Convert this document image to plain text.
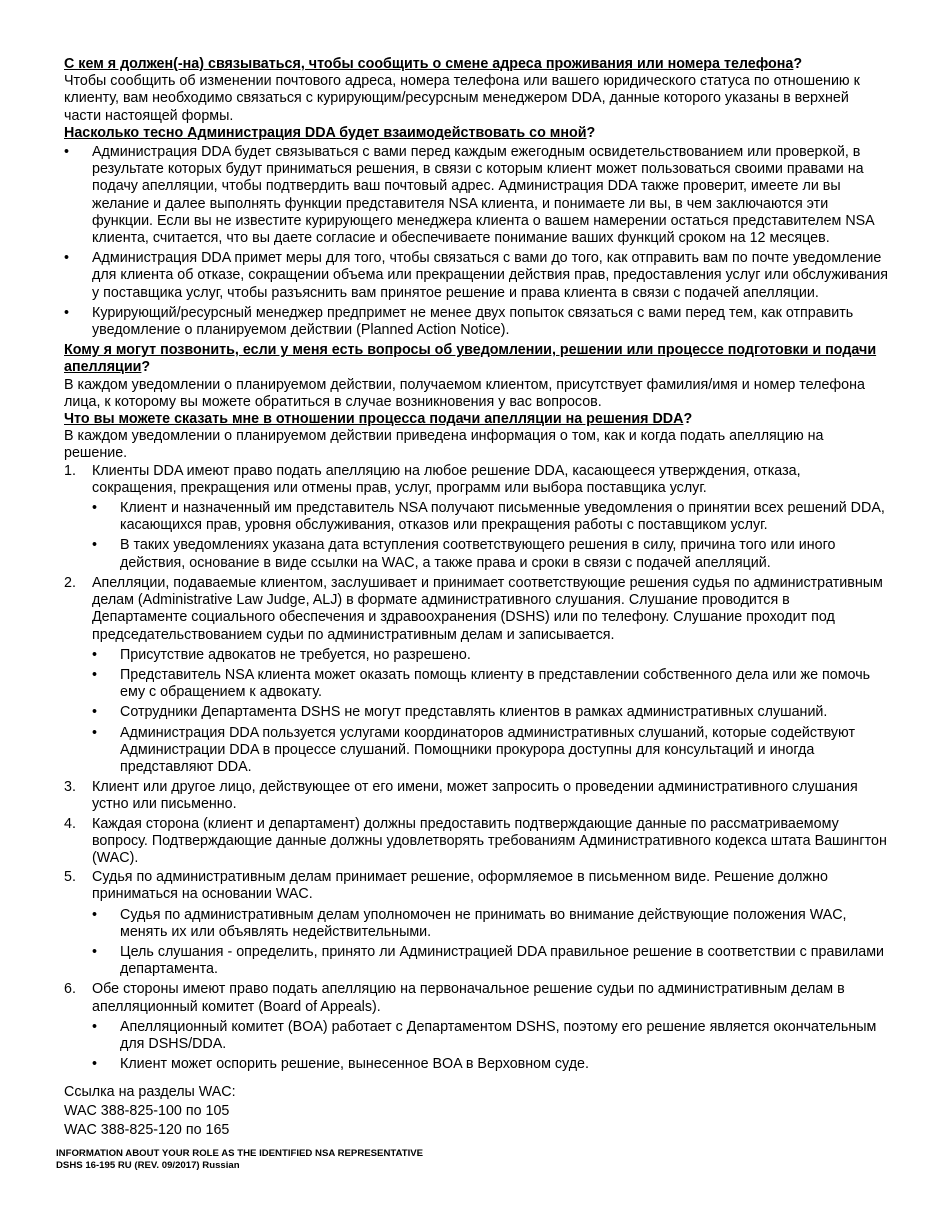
С кем я должен(-на) связываться, чтобы сообщить о смене адреса проживания или номера телефона?

Чтобы сообщить об изменении почтового адреса, номера телефона или вашего юридического статуса по отношению к клиенту, вам необходимо связаться с курирующим/ресурсным менеджером DDA, данные которого указаны в верхней части настоящей формы.

Насколько тесно Администрация DDA будет взаимодействовать со мной?

• Администрация DDA будет связываться с вами перед каждым ежегодным освидетельствованием или проверкой, в результате которых будут приниматься решения, в связи с которым клиент может пользоваться своими правами на подачу апелляции, чтобы подтвердить ваш почтовый адрес. Администрация DDA также проверит, имеете ли вы желание и далее выполнять функции представителя NSA клиента, и понимаете ли вы, в чем заключаются эти функции. Если вы не известите курирующего менеджера клиента о вашем намерении остаться представителем NSA клиента, считается, что вы даете согласие и обеспечиваете понимание ваших функций сроком на 12 месяцев.
• Администрация DDA примет меры для того, чтобы связаться с вами до того, как отправить вам по почте уведомление для клиента об отказе, сокращении объема или прекращении действия прав, предоставления услуг или обслуживания у поставщика услуг, чтобы разъяснить вам принятое решение и права клиента в связи с подачей апелляции.
• Курирующий/ресурсный менеджер предпримет не менее двух попыток связаться с вами перед тем, как отправить уведомление о планируемом действии (Planned Action Notice).

Кому я могут позвонить, если у меня есть вопросы об уведомлении, решении или процессе подготовки и подачи апелляции?

В каждом уведомлении о планируемом действии, получаемом клиентом, присутствует фамилия/имя и номер телефона лица, к которому вы можете обратиться в случае возникновения у вас вопросов.

Что вы можете сказать мне в отношении процесса подачи апелляции на решения DDA?

В каждом уведомлении о планируемом действии приведена информация о том, как и когда подать апелляцию на решение.

1. Клиенты DDA имеют право подать апелляцию на любое решение DDA, касающееся утверждения, отказа, сокращения, прекращения или отмены прав, услуг, программ или выбора поставщика услуг.
• Клиент и назначенный им представитель NSA получают письменные уведомления о принятии всех решений DDA, касающихся прав, уровня обслуживания, отказов или прекращения работы с поставщиком услуг.
• В таких уведомлениях указана дата вступления соответствующего решения в силу, причина того или иного действия, основание в виде ссылки на WAC, а также права и сроки в связи с подачей апелляций.
2. Апелляции, подаваемые клиентом, заслушивает и принимает соответствующие решения судья по административным делам (Administrative Law Judge, ALJ) в формате административного слушания. Слушание проводится в Департаменте социального обеспечения и здравоохранения (DSHS) или по телефону. Слушание проходит под председательствованием судьи по административным делам и записывается.
• Присутствие адвокатов не требуется, но разрешено.
• Представитель NSA клиента может оказать помощь клиенту в представлении собственного дела или же помочь ему с обращением к адвокату.
• Сотрудники Департамента DSHS не могут представлять клиентов в рамках административных слушаний.
• Администрация DDA пользуется услугами координаторов административных слушаний, которые содействуют Администрации DDA в процессе слушаний. Помощники прокурора доступны для консультаций и иногда представляют DDA.
3. Клиент или другое лицо, действующее от его имени, может запросить о проведении административного слушания устно или письменно.
4. Каждая сторона (клиент и департамент) должны предоставить подтверждающие данные по рассматриваемому вопросу. Подтверждающие данные должны удовлетворять требованиям Административного кодекса штата Вашингтон (WAC).
5. Судья по административным делам принимает решение, оформляемое в письменном виде. Решение должно приниматься на основании WAC.
• Судья по административным делам уполномочен не принимать во внимание действующие положения WAC, менять их или объявлять недействительными.
• Цель слушания - определить, принято ли Администрацией DDA правильное решение в соответствии с правилами департамента.
6. Обе стороны имеют право подать апелляцию на первоначальное решение судьи по административным делам в апелляционный комитет (Board of Appeals).
• Апелляционный комитет (BOA) работает с Департаментом DSHS, поэтому его решение является окончательным для DSHS/DDA.
• Клиент может оспорить решение, вынесенное BOA в Верховном суде.
Ссылка на разделы WAC:
WAC 388-825-100 по 105
WAC 388-825-120 по 165
INFORMATION ABOUT YOUR ROLE AS THE IDENTIFIED NSA REPRESENTATIVE
DSHS 16-195 RU (REV. 09/2017) Russian
